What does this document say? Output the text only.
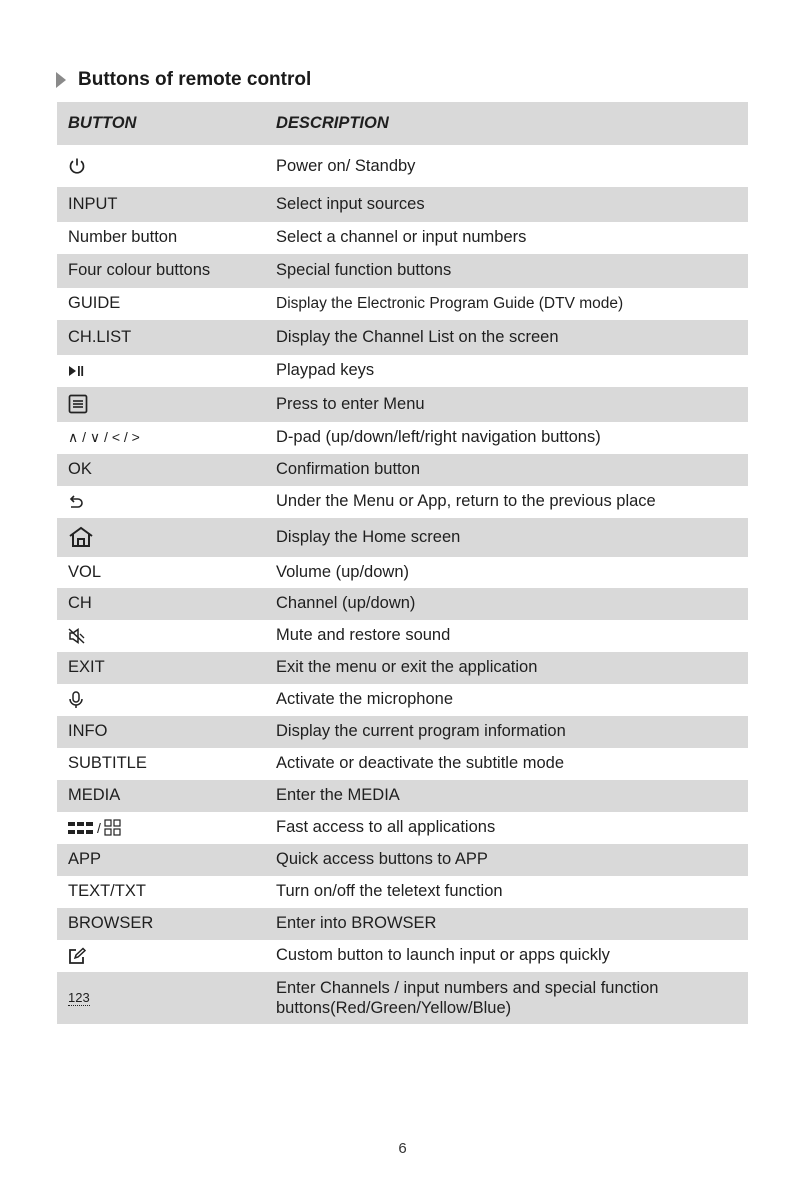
Buttons of remote control
BUTTON	DESCRIPTION

	Power on/ Standby
INPUT	Select input sources
Number button	Select a channel or input numbers
Four colour buttons	Special function buttons
GUIDE	Display the Electronic Program Guide (DTV mode)
CH.LIST	Display the Channel List on the screen

	Playpad keys

	Press to enter Menu
∧ / ∨ / < / >	D-pad (up/down/left/right navigation buttons)
OK	Confirmation button

	Under the Menu or App, return to the previous place

	Display the Home screen
VOL	Volume (up/down)
CH	Channel (up/down)

	Mute and restore sound
EXIT	Exit the menu or exit the application

	Activate the microphone
INFO	Display the current program information
SUBTITLE	Activate or deactivate the subtitle mode
MEDIA	Enter the MEDIA

/	Fast access to all applications
APP	Quick access buttons to APP
TEXT/TXT	Turn on/off the teletext function
BROWSER	Enter into BROWSER

	Custom button to launch input or apps quickly
123	Enter Channels / input numbers and special function buttons(Red/Green/Yellow/Blue)
6
